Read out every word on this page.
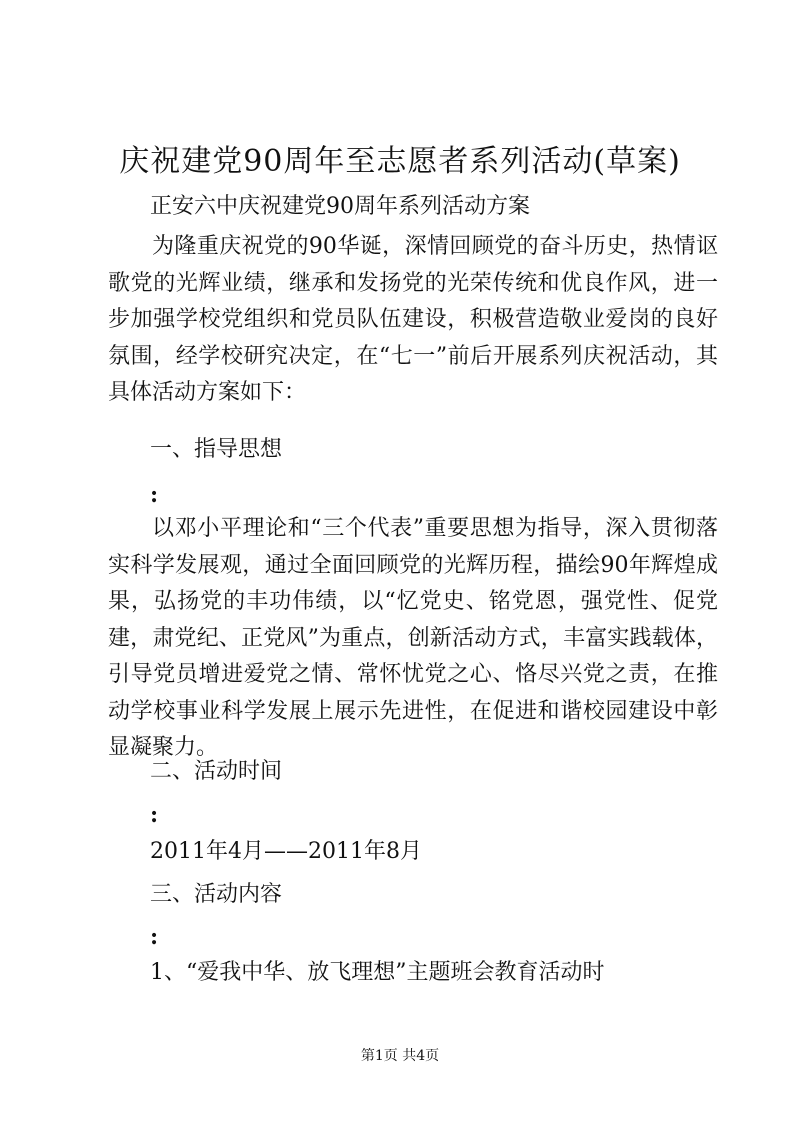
庆祝建党90周年至志愿者系列活动(草案)
正安六中庆祝建党90周年系列活动方案

为隆重庆祝党的90华诞，深情回顾党的奋斗历史，热情讴歌党的光辉业绩，继承和发扬党的光荣传统和优良作风，进一步加强学校党组织和党员队伍建设，积极营造敬业爱岗的良好氛围，经学校研究决定，在“七一”前后开展系列庆祝活动，其具体活动方案如下：

一、指导思想
:

以邓小平理论和“三个代表”重要思想为指导，深入贯彻落实科学发展观，通过全面回顾党的光辉历程，描绘90年辉煌成果，弘扬党的丰功伟绩，以“忆党史、铭党恩，强党性、促党建，肃党纪、正党风”为重点，创新活动方式，丰富实践载体，引导党员增进爱党之情、常怀忧党之心、恪尽兴党之责，在推动学校事业科学发展上展示先进性，在促进和谐校园建设中彰显凝聚力。

二、活动时间
:
2011年4月——2011年8月
三、活动内容
:
1、“爱我中华、放飞理想”主题班会教育活动时
第1页 共4页
